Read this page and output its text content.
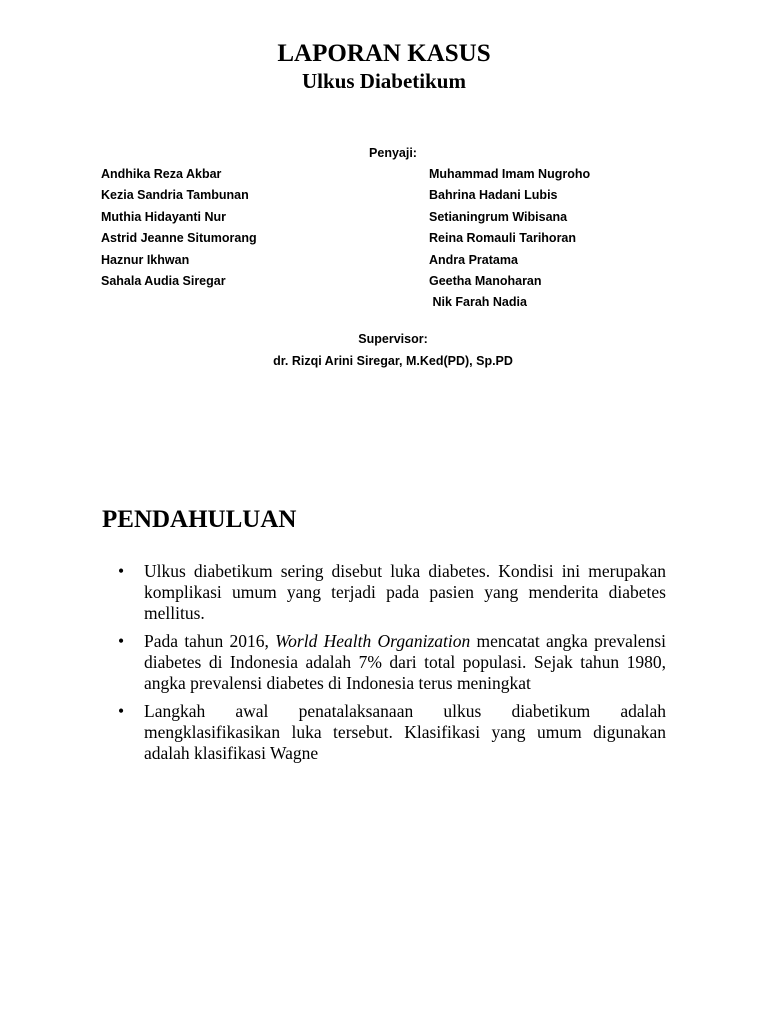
LAPORAN KASUS
Ulkus Diabetikum
Penyaji:
Andhika Reza Akbar
Kezia Sandria Tambunan
Muthia Hidayanti Nur
Astrid Jeanne Situmorang
Haznur Ikhwan
Sahala Audia Siregar
Muhammad Imam Nugroho
Bahrina Hadani Lubis
Setianingrum Wibisana
Reina Romauli Tarihoran
Andra Pratama
Geetha Manoharan
Nik Farah Nadia
Supervisor:
dr. Rizqi Arini Siregar, M.Ked(PD), Sp.PD
PENDAHULUAN
•	Ulkus diabetikum sering disebut luka diabetes. Kondisi ini merupakan komplikasi umum yang terjadi pada pasien yang menderita diabetes mellitus.
•	Pada tahun 2016, World Health Organization mencatat angka prevalensi diabetes di Indonesia adalah 7% dari total populasi. Sejak tahun 1980, angka prevalensi diabetes di Indonesia terus meningkat
•	Langkah awal penatalaksanaan ulkus diabetikum adalah mengklasifikasikan luka tersebut. Klasifikasi yang umum digunakan adalah klasifikasi Wagne
